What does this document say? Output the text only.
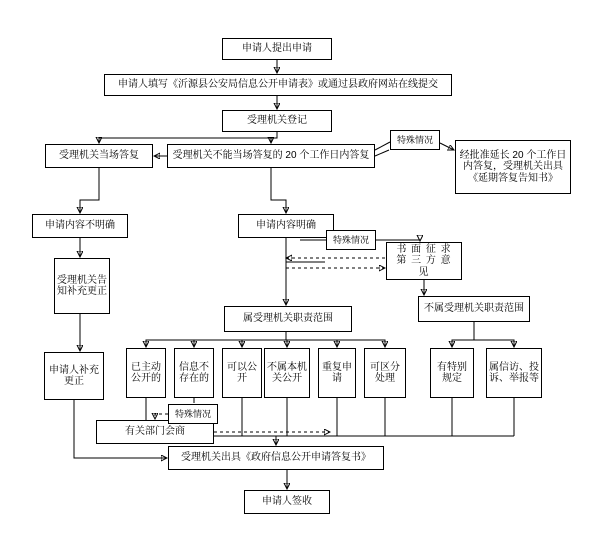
申请人提出申请
申请人填写《沂源县公安局信息公开申请表》或通过县政府网站在线提交
受理机关登记
受理机关当场答复	受理机关不能当场答复的 20 个工作日内答复	经批准延长 20 个工作日内答复，受理机关出具《延期答复告知书》
申请内容不明确	申请内容明确
书 面 征 求 第 三 方 意 见
受理机关告知补充更正
属受理机关职责范围
不属受理机关职责范围
申请人补充更正
已主动公开的
信息不存在的
可以公开
不属本机关公开
重复申请
可区分处理
有特别规定
属信访、投诉、举报等
有关部门会商
受理机关出具《政府信息公开申请答复书》
申请人签收
特殊情况
特殊情况
特殊情况
